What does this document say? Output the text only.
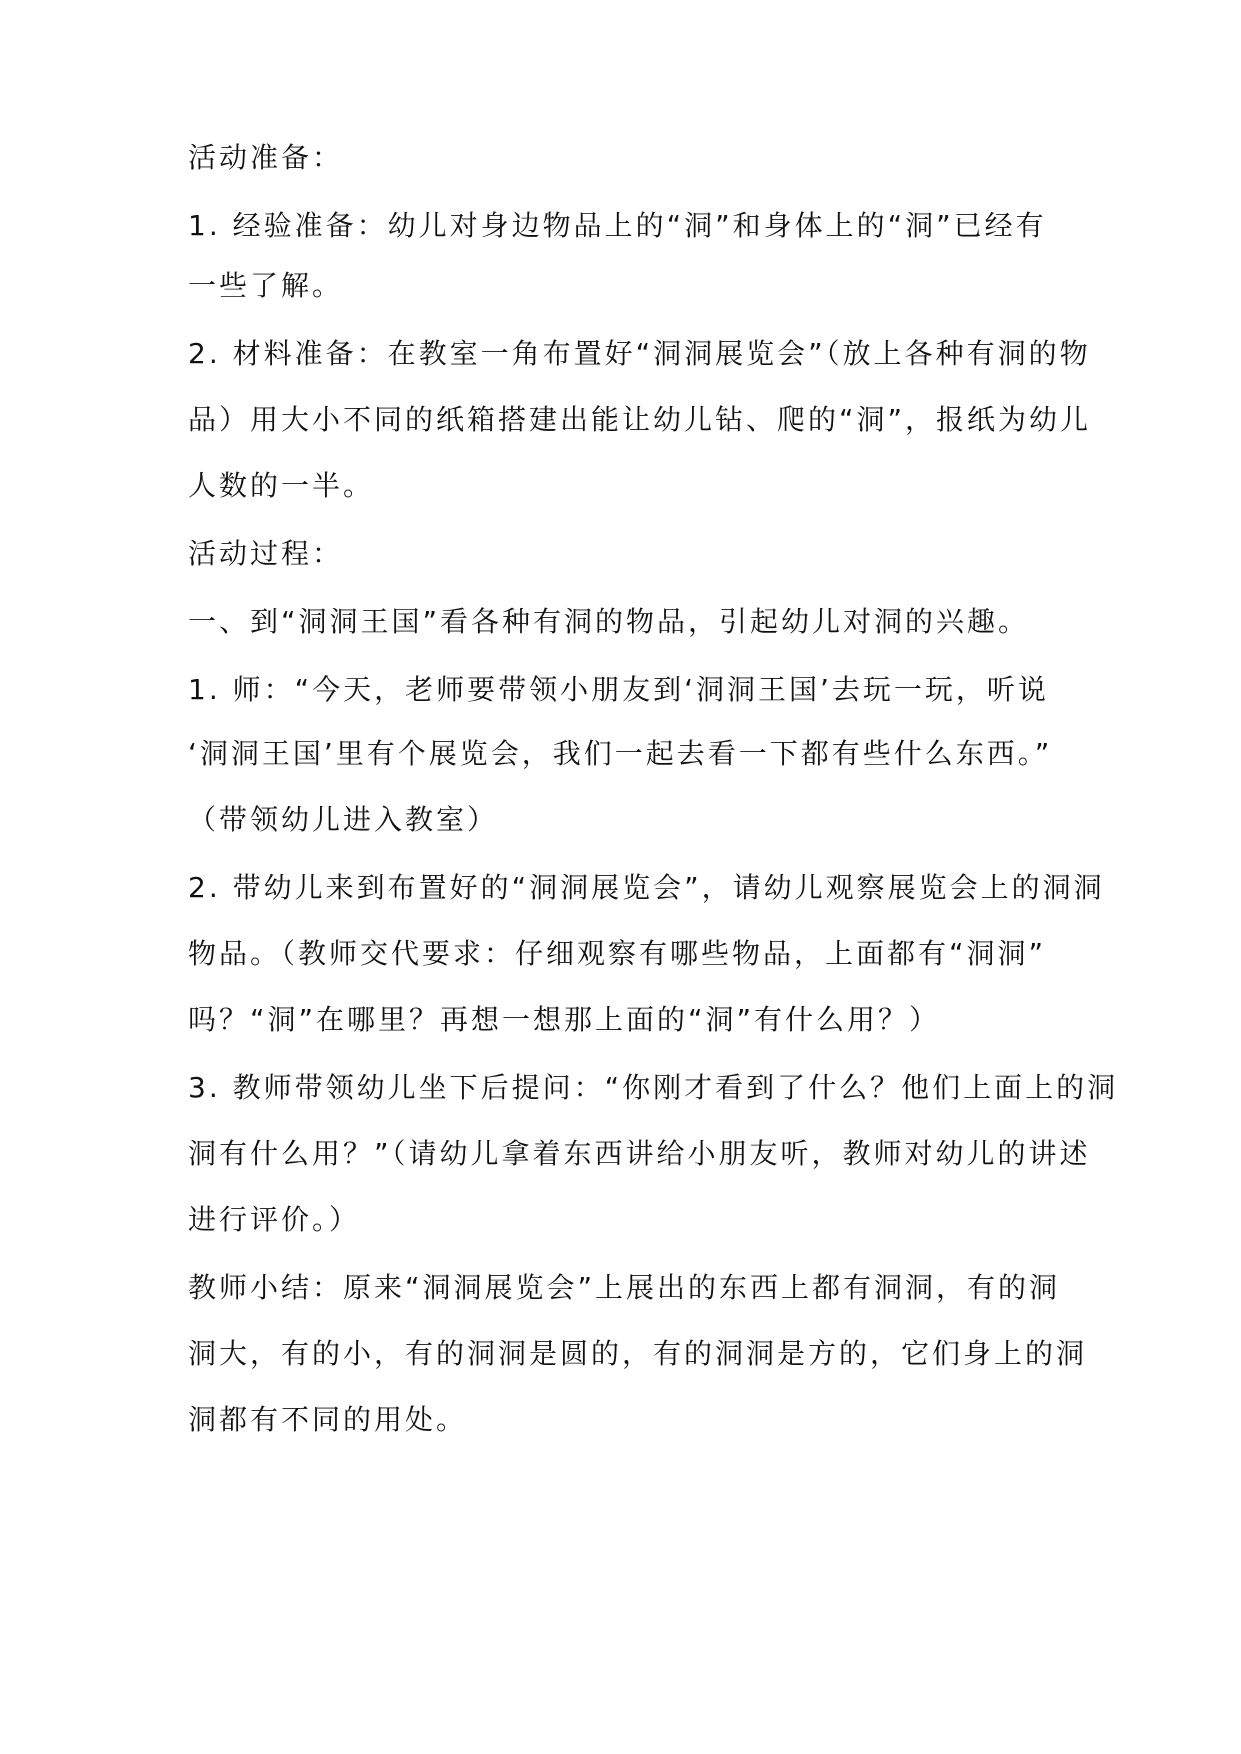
活动准备：

1. 经验准备：幼儿对身边物品上的“洞”和身体上的“洞”已经有

一些了解。

2. 材料准备：在教室一角布置好“洞洞展览会”（放上各种有洞的物

品）用大小不同的纸箱搭建出能让幼儿钻、爬的“洞”，报纸为幼儿

人数的一半。

活动过程：

一、到“洞洞王国”看各种有洞的物品，引起幼儿对洞的兴趣。

1. 师：“今天，老师要带领小朋友到‘洞洞王国’去玩一玩，听说

‘洞洞王国’里有个展览会，我们一起去看一下都有些什么东西。”

（带领幼儿进入教室）

2. 带幼儿来到布置好的“洞洞展览会”，请幼儿观察展览会上的洞洞

物品。（教师交代要求：仔细观察有哪些物品，上面都有“洞洞”

吗？“洞”在哪里？再想一想那上面的“洞”有什么用？）

3. 教师带领幼儿坐下后提问：“你刚才看到了什么？他们上面上的洞

洞有什么用？”（请幼儿拿着东西讲给小朋友听，教师对幼儿的讲述

进行评价。）

教师小结：原来“洞洞展览会”上展出的东西上都有洞洞，有的洞

洞大，有的小，有的洞洞是圆的，有的洞洞是方的，它们身上的洞

洞都有不同的用处。
